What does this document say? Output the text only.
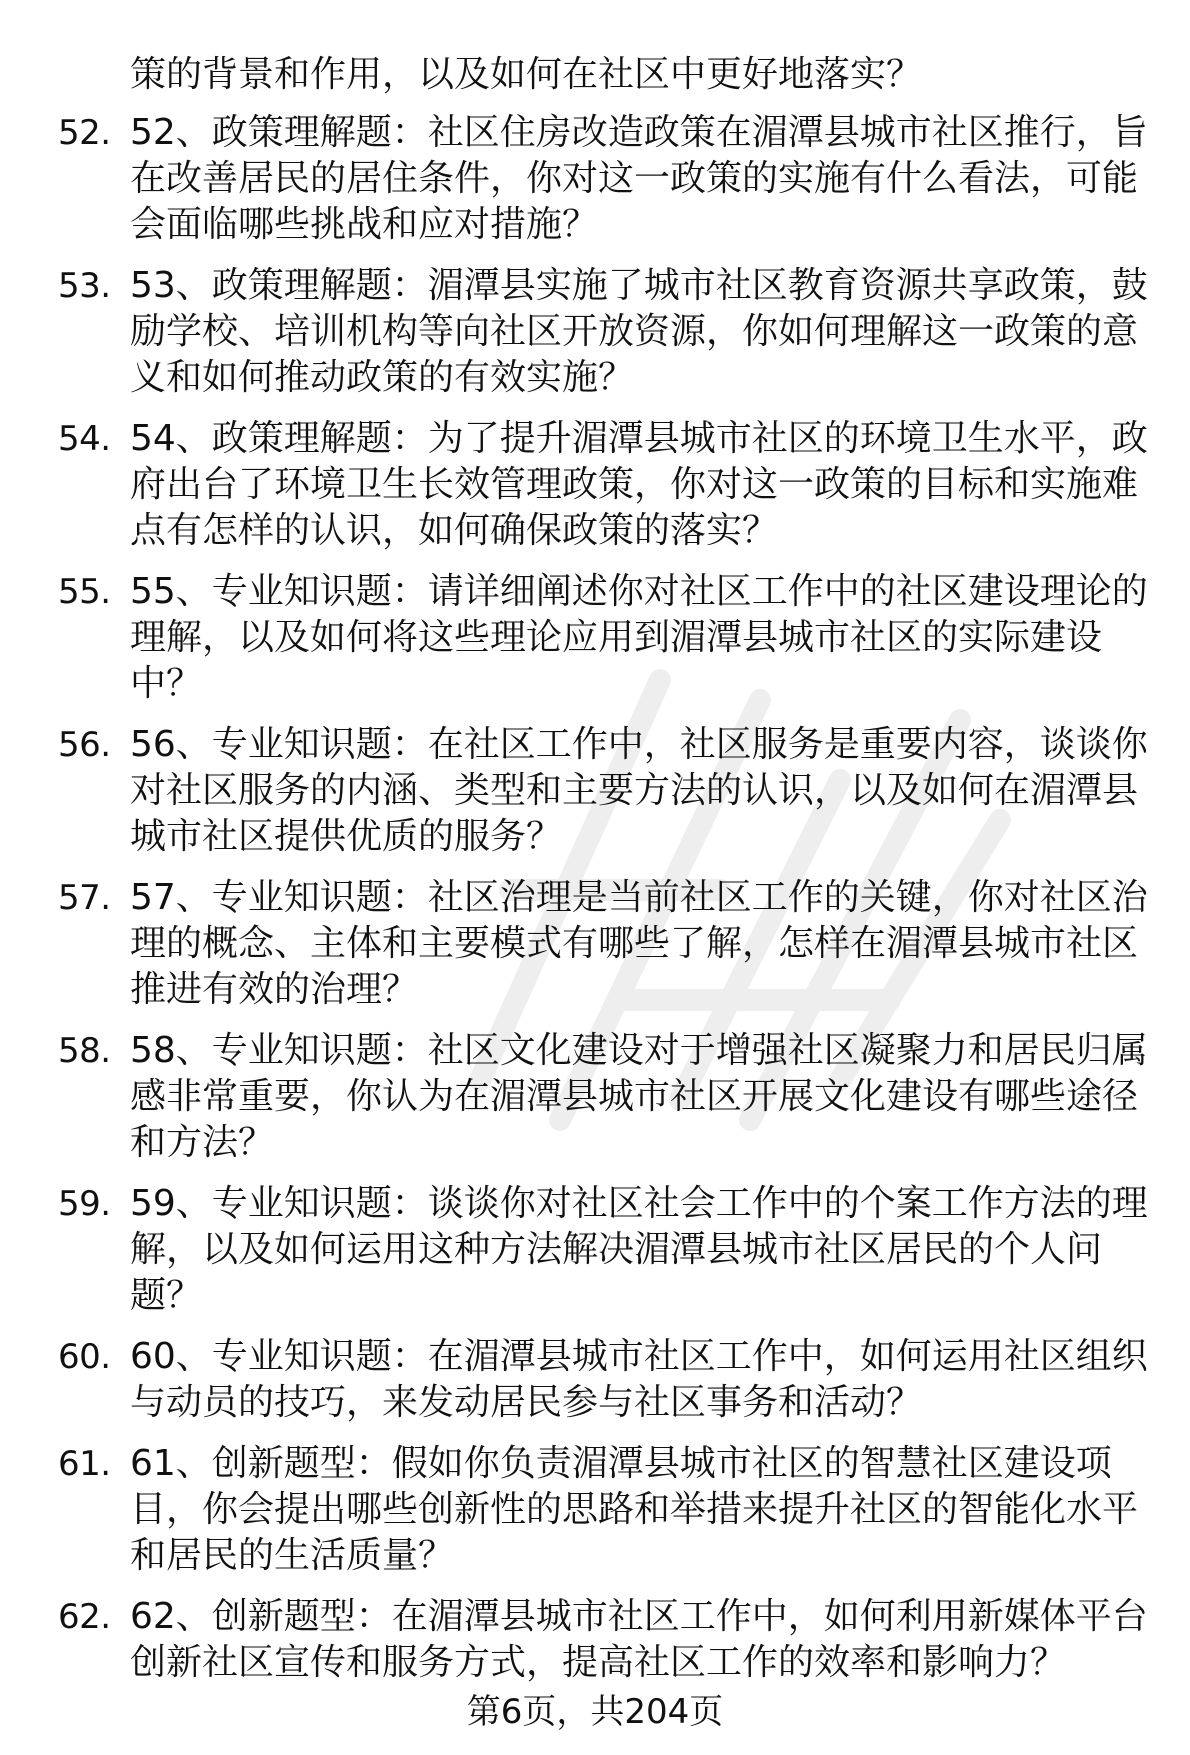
策的背景和作用，以及如何在社区中更好地落实？

52. 52、政策理解题：社区住房改造政策在湄潭县城市社区推行，旨在改善居民的居住条件，你对这一政策的实施有什么看法，可能会面临哪些挑战和应对措施？
53. 53、政策理解题：湄潭县实施了城市社区教育资源共享政策，鼓励学校、培训机构等向社区开放资源，你如何理解这一政策的意义和如何推动政策的有效实施？
54. 54、政策理解题：为了提升湄潭县城市社区的环境卫生水平，政府出台了环境卫生长效管理政策，你对这一政策的目标和实施难点有怎样的认识，如何确保政策的落实？
55. 55、专业知识题：请详细阐述你对社区工作中的社区建设理论的理解，以及如何将这些理论应用到湄潭县城市社区的实际建设中？
56. 56、专业知识题：在社区工作中，社区服务是重要内容，谈谈你对社区服务的内涵、类型和主要方法的认识，以及如何在湄潭县城市社区提供优质的服务？
57. 57、专业知识题：社区治理是当前社区工作的关键，你对社区治理的概念、主体和主要模式有哪些了解，怎样在湄潭县城市社区推进有效的治理？
58. 58、专业知识题：社区文化建设对于增强社区凝聚力和居民归属感非常重要，你认为在湄潭县城市社区开展文化建设有哪些途径和方法？
59. 59、专业知识题：谈谈你对社区社会工作中的个案工作方法的理解，以及如何运用这种方法解决湄潭县城市社区居民的个人问题？
60. 60、专业知识题：在湄潭县城市社区工作中，如何运用社区组织与动员的技巧，来发动居民参与社区事务和活动？
61. 61、创新题型：假如你负责湄潭县城市社区的智慧社区建设项目，你会提出哪些创新性的思路和举措来提升社区的智能化水平和居民的生活质量？
62. 62、创新题型：在湄潭县城市社区工作中，如何利用新媒体平台创新社区宣传和服务方式，提高社区工作的效率和影响力？
第6页，共204页
